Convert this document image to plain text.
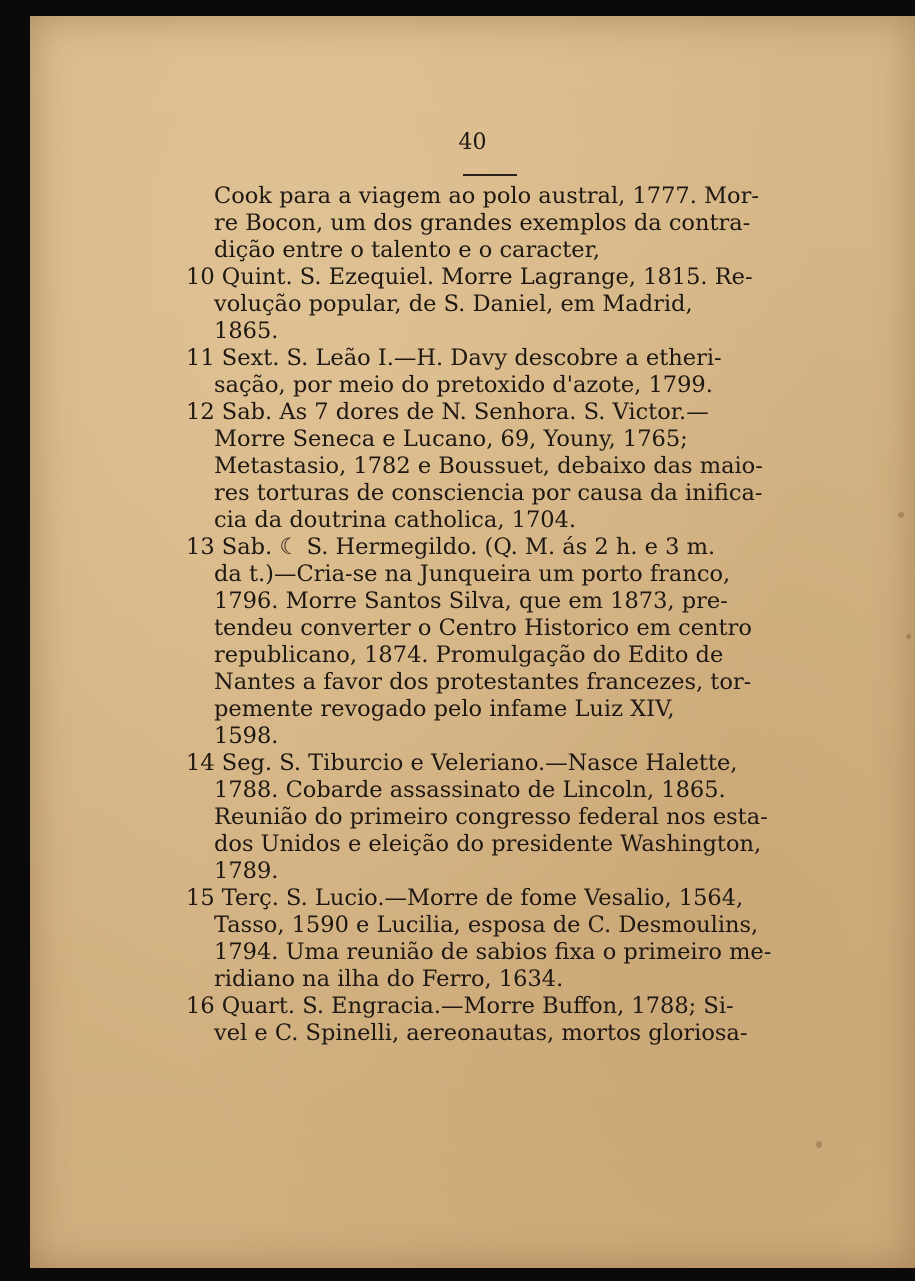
40
Cook para a viagem ao polo austral, 1777. Mor-
re Bocon, um dos grandes exemplos da contra-
dição entre o talento e o caracter,
10 Quint. S. Ezequiel. Morre Lagrange, 1815. Re-
volução popular, de S. Daniel, em Madrid,
1865.
11 Sext. S. Leão I.—H. Davy descobre a etheri-
sação, por meio do pretoxido d'azote, 1799.
12 Sab. As 7 dores de N. Senhora. S. Victor.—
Morre Seneca e Lucano, 69, Youny, 1765;
Metastasio, 1782 e Boussuet, debaixo das maio-
res torturas de consciencia por causa da inifica-
cia da doutrina catholica, 1704.
13 Sab. ☾ S. Hermegildo. (Q. M. ás 2 h. e 3 m.
da t.)—Cria-se na Junqueira um porto franco,
1796. Morre Santos Silva, que em 1873, pre-
tendeu converter o Centro Historico em centro
republicano, 1874. Promulgação do Edito de
Nantes a favor dos protestantes francezes, tor-
pemente revogado pelo infame Luiz XIV,
1598.
14 Seg. S. Tiburcio e Veleriano.—Nasce Halette,
1788. Cobarde assassinato de Lincoln, 1865.
Reunião do primeiro congresso federal nos esta-
dos Unidos e eleição do presidente Washington,
1789.
15 Terç. S. Lucio.—Morre de fome Vesalio, 1564,
Tasso, 1590 e Lucilia, esposa de C. Desmoulins,
1794. Uma reunião de sabios fixa o primeiro me-
ridiano na ilha do Ferro, 1634.
16 Quart. S. Engracia.—Morre Buffon, 1788; Si-
vel e C. Spinelli, aereonautas, mortos gloriosa-
